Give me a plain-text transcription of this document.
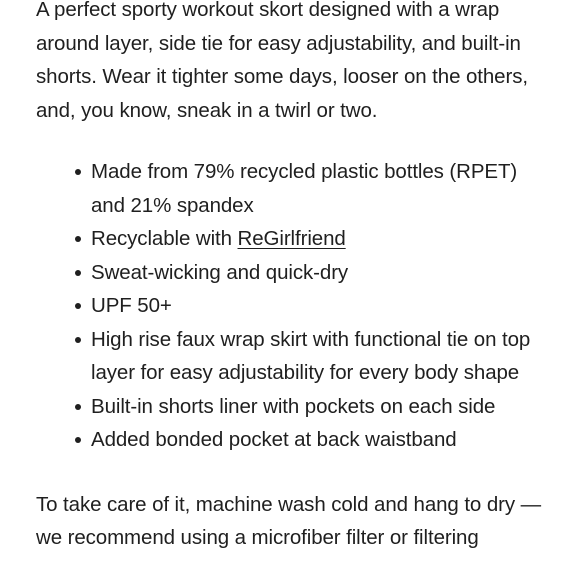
A perfect sporty workout skort designed with a wrap around layer, side tie for easy adjustability, and built-in shorts. Wear it tighter some days, looser on the others, and, you know, sneak in a twirl or two.

Made from 79% recycled plastic bottles (RPET) and 21% spandex
Recyclable with ReGirlfriend
Sweat-wicking and quick-dry
UPF 50+
High rise faux wrap skirt with functional tie on top layer for easy adjustability for every body shape
Built-in shorts liner with pockets on each side
Added bonded pocket at back waistband

To take care of it, machine wash cold and hang to dry — we recommend using a microfiber filter or filtering
